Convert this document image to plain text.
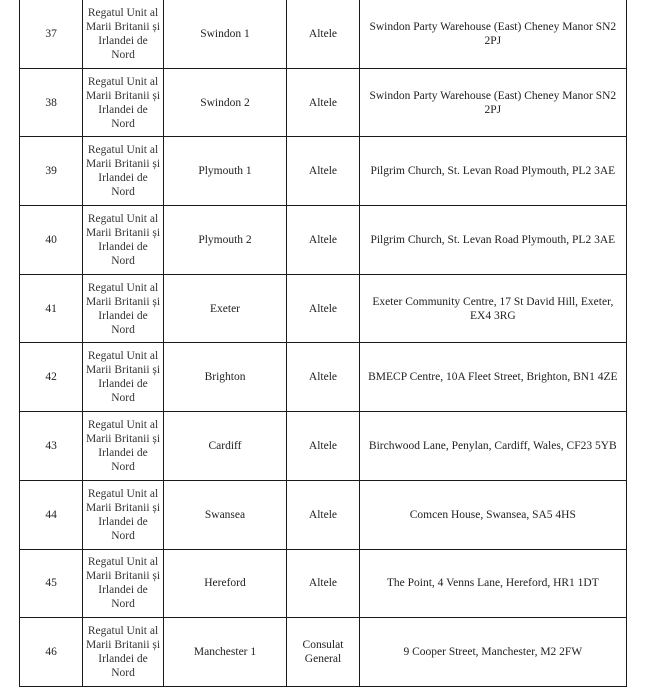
37	Regatul Unit al Marii Britanii și Irlandei de Nord	Swindon 1	Altele	Swindon Party Warehouse (East) Cheney Manor SN2 2PJ
38	Regatul Unit al Marii Britanii și Irlandei de Nord	Swindon 2	Altele	Swindon Party Warehouse (East) Cheney Manor SN2 2PJ
39	Regatul Unit al Marii Britanii și Irlandei de Nord	Plymouth 1	Altele	Pilgrim Church, St. Levan Road Plymouth, PL2 3AE
40	Regatul Unit al Marii Britanii și Irlandei de Nord	Plymouth 2	Altele	Pilgrim Church, St. Levan Road Plymouth, PL2 3AE
41	Regatul Unit al Marii Britanii și Irlandei de Nord	Exeter	Altele	Exeter Community Centre, 17 St David Hill, Exeter, EX4 3RG
42	Regatul Unit al Marii Britanii și Irlandei de Nord	Brighton	Altele	BMECP Centre, 10A Fleet Street, Brighton, BN1 4ZE
43	Regatul Unit al Marii Britanii și Irlandei de Nord	Cardiff	Altele	Birchwood Lane, Penylan, Cardiff, Wales, CF23 5YB
44	Regatul Unit al Marii Britanii și Irlandei de Nord	Swansea	Altele	Comcen House, Swansea, SA5 4HS
45	Regatul Unit al Marii Britanii și Irlandei de Nord	Hereford	Altele	The Point, 4 Venns Lane, Hereford, HR1 1DT
46	Regatul Unit al Marii Britanii și Irlandei de Nord	Manchester 1	Consulat General	9 Cooper Street, Manchester, M2 2FW
